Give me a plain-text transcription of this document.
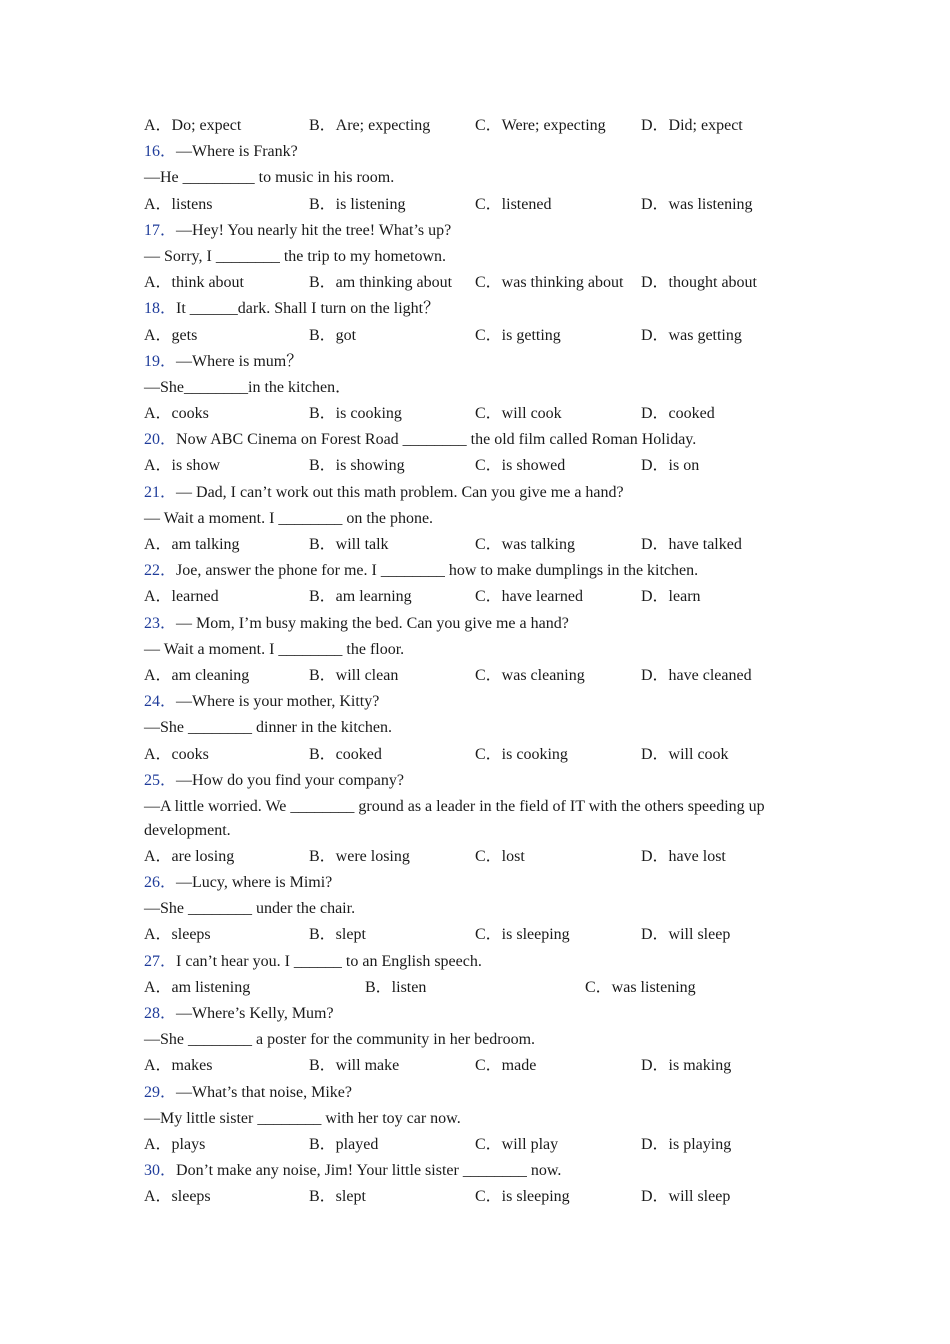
A．Do; expect	B．Are; expecting	C．Were; expecting D．Did; expect
16．—Where is Frank?
—He _________ to music in his room.
A．listens	B．is listening	C．listened	D．was listening
17．—Hey! You nearly hit the tree! What’s up?
— Sorry, I ________ the trip to my hometown.
A．think about	B．am thinking about C．was thinking about D．thought about
18．It ______dark. Shall I turn on the light？
A．gets	B．got	C．is getting	D．was getting
19．—Where is mum？
—She________in the kitchen．
A．cooks	B．is cooking	C．will cook	D．cooked
20．Now ABC Cinema on Forest Road ________ the old film called Roman Holiday.
A．is show	B．is showing	C．is showed	D．is on
21．— Dad, I can’t work out this math problem. Can you give me a hand?
— Wait a moment. I ________ on the phone.
A．am talking	B．will talk	C．was talking	D．have talked
22．Joe, answer the phone for me. I ________ how to make dumplings in the kitchen.
A．learned	B．am learning	C．have learned	D．learn
23．— Mom, I’m busy making the bed. Can you give me a hand?
— Wait a moment. I ________ the floor.
A．am cleaning	B．will clean	C．was cleaning	D．have cleaned
24．—Where is your mother, Kitty?
—She ________ dinner in the kitchen.
A．cooks	B．cooked	C．is cooking	D．will cook
25．—How do you find your company?
—A little worried. We ________ ground as a leader in the field of IT with the others speeding up development.
A．are losing	B．were losing	C．lost	D．have lost
26．—Lucy, where is Mimi?
—She ________ under the chair.
A．sleeps	B．slept	C．is sleeping	D．will sleep
27．I can’t hear you. I ______ to an English speech.
A．am listening	B．listen	C．was listening
28．—Where’s Kelly, Mum?
—She ________ a poster for the community in her bedroom.
A．makes	B．will make	C．made	D．is making
29．—What’s that noise, Mike?
—My little sister ________ with her toy car now.
A．plays	B．played	C．will play	D．is playing
30．Don’t make any noise, Jim! Your little sister ________ now.
A．sleeps	B．slept	C．is sleeping	D．will sleep
